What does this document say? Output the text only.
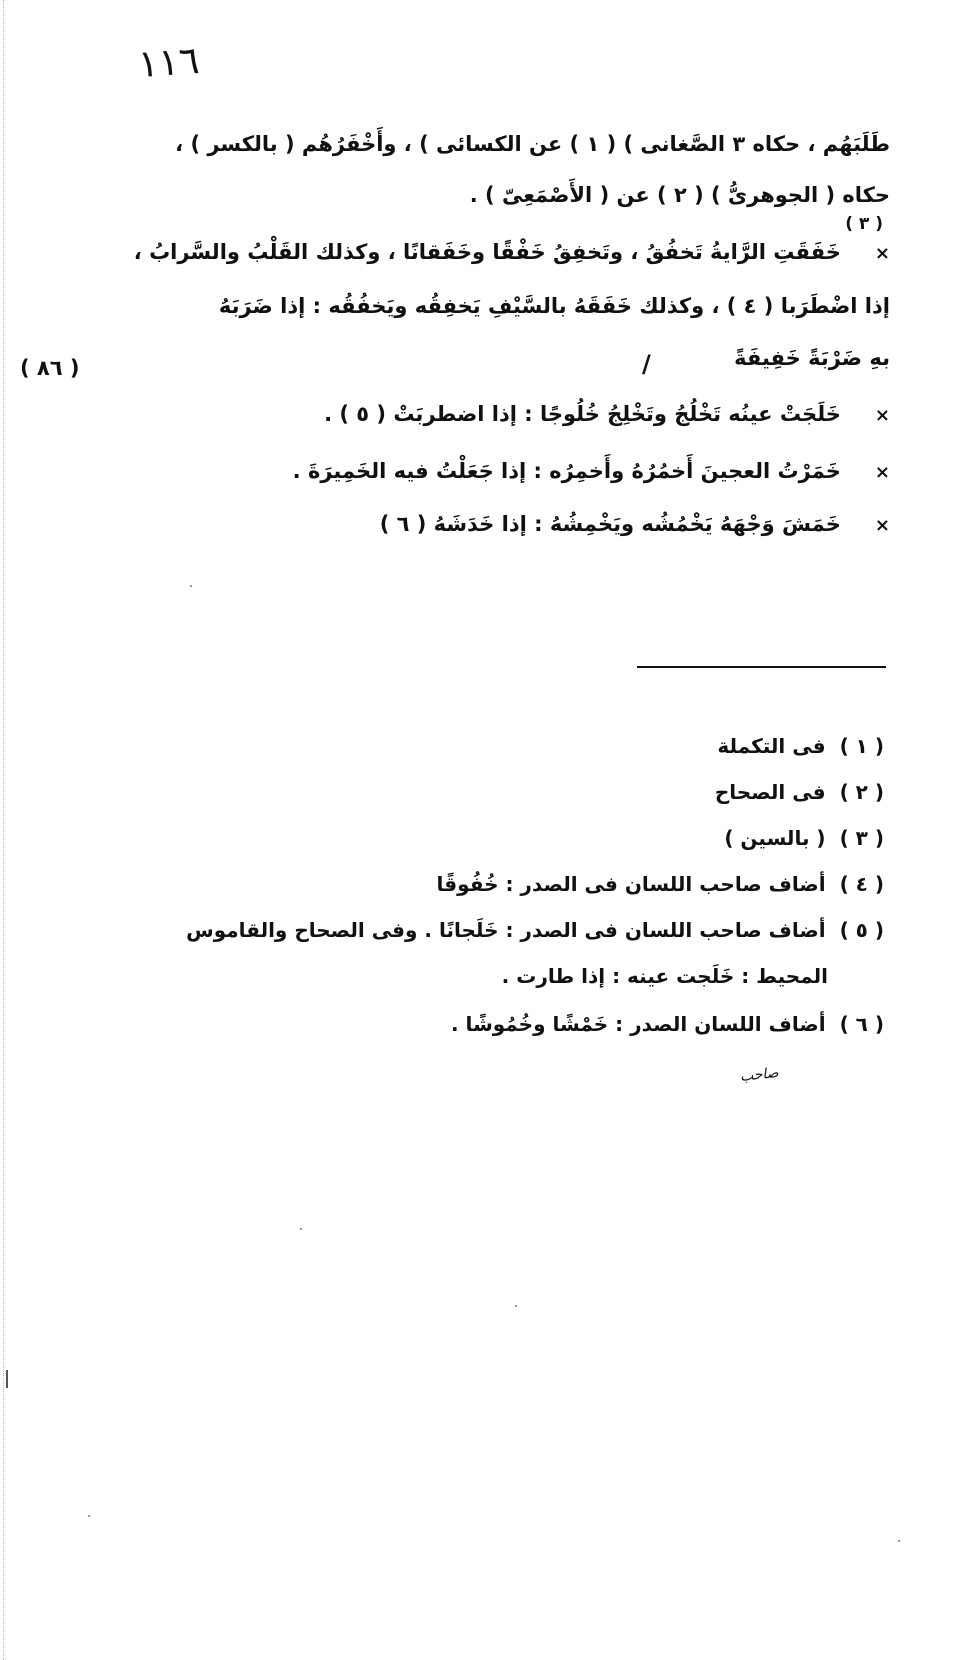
١١٦
طَلَبَهُم ، حكاه ٣ الصَّغانى ) ( ١ ) عن الكسائى ) ، وأَخْفَرُهُم ( بالكسر ) ،
حكاه ( الجوهرىُّ ) ( ٢ ) عن ( الأَصْمَعِىّ ) .
( ٣ )
×خَفَقَتِ الرَّايةُ تَخفُقُ ، وتَخفِقُ خَفْقًا وخَفَقانًا ، وكذلك القَلْبُ والسَّرابُ ،
إذا اضْطَرَبا ( ٤ ) ، وكذلك خَفَقَهُ بالسَّيْفِ يَخفِقُه ويَخفُقُه : إذا ضَرَبَهُ
بهِ ضَرْبَةً خَفِيفَةً
/
( ٨٦ )
×خَلَجَتْ عينُه تَخْلُجُ وتَخْلِجُ خُلُوجًا : إذا اضطربَتْ ( ٥ ) .
×خَمَرْتُ العجينَ أَخمُرُهُ وأَخمِرُه : إذا جَعَلْتُ فيه الخَمِيرَةَ .
×خَمَشَ وَجْهَهُ يَخْمُشُه ويَخْمِشُهُ : إذا خَدَشَهُ ( ٦ )
( ١ )فى التكملة
( ٢ )فى الصحاح
( ٣ )( بالسين )
( ٤ )أضاف صاحب اللسان فى الصدر : خُفُوقًا
( ٥ )أضاف صاحب اللسان فى الصدر : خَلَجانًا . وفى الصحاح والقاموس
المحيط : خَلَجت عينه : إذا طارت .
( ٦ )أضاف اللسان الصدر : خَمْشًا وخُمُوشًا .
صاحب
